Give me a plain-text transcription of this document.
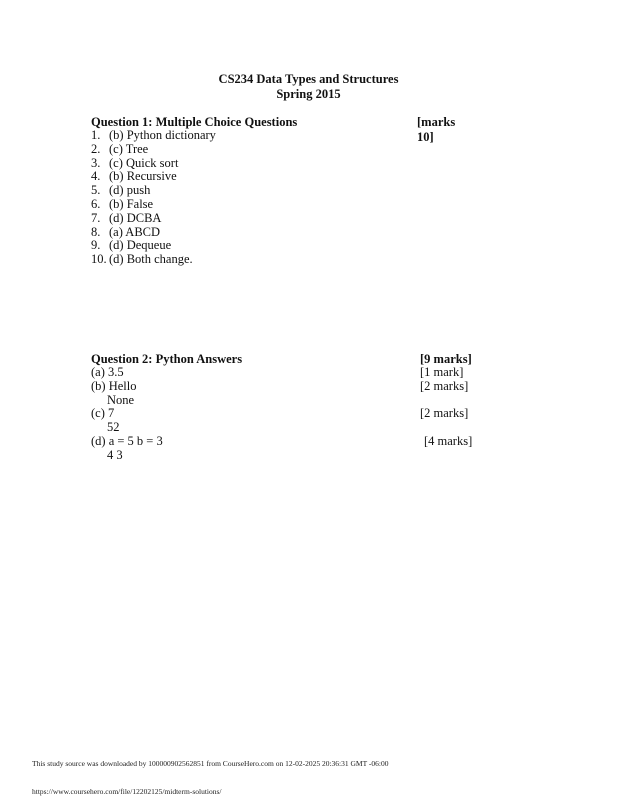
CS234 Data Types and Structures
Spring 2015
Question 1: Multiple Choice Questions	[marks 10]
1. (b) Python dictionary
2. (c) Tree
3. (c) Quick sort
4. (b) Recursive
5. (d) push
6. (b) False
7. (d) DCBA
8. (a) ABCD
9. (d) Dequeue
10. (d) Both change.
Question 2: Python Answers	[9 marks]
(a) 3.5	[1 mark]
(b) Hello	[2 marks]
None
(c) 7	[2 marks]
52
(d) a = 5 b = 3	[4 marks]
4 3
This study source was downloaded by 100000902562851 from CourseHero.com on 12-02-2025 20:36:31 GMT -06:00
https://www.coursehero.com/file/12202125/midterm-solutions/
